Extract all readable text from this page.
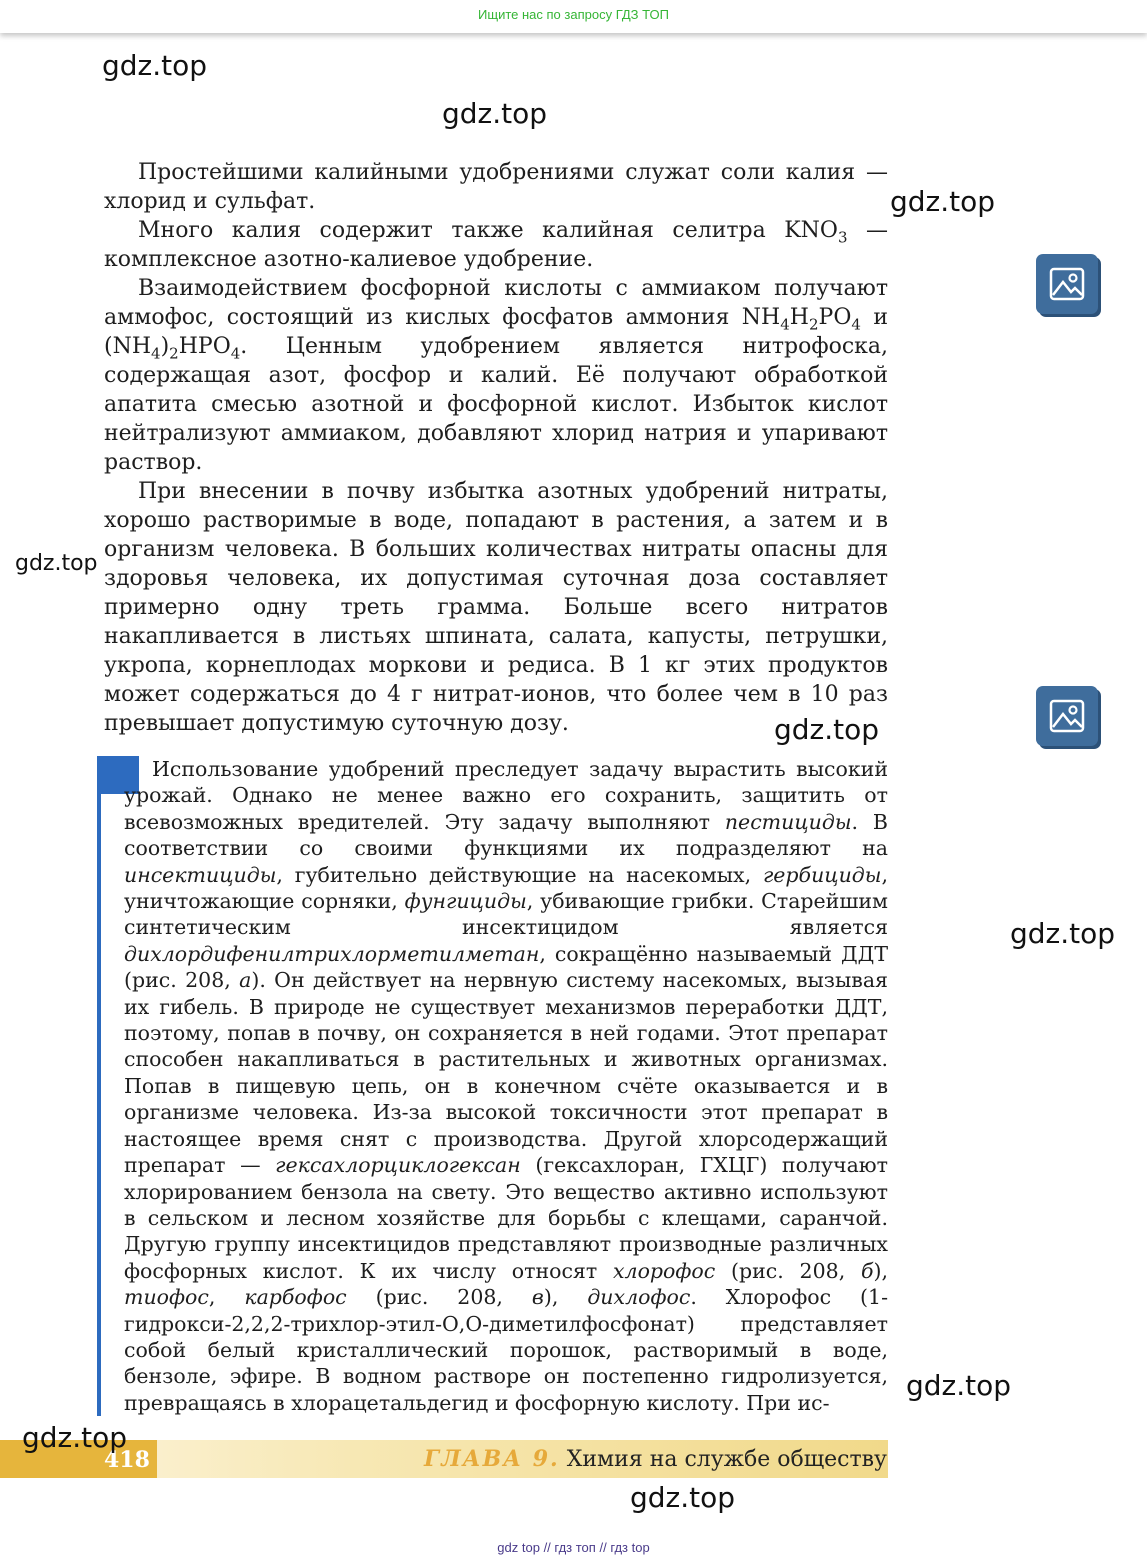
Ищите нас по запросу ГДЗ ТОП
gdz.top
gdz.top
gdz.top
gdz.top
gdz.top
gdz.top
gdz.top
gdz.top
gdz.top

Простейшими калийными удобрениями служат соли калия — хлорид и сульфат.

Много калия содержит также калийная селитра $KNO_3$ — комплексное азотно-калиевое удобрение.

Взаимодействием фосфорной кислоты с аммиаком получают аммофос, состоящий из кислых фосфатов аммония $NH_4H_2PO_4$ и $(NH_4)_2HPO_4$. Ценным удобрением является нитрофоска, содержащая азот, фосфор и калий. Её получают обработкой апатита смесью азотной и фосфорной кислот. Избыток кислот нейтрализуют аммиаком, добавляют хлорид натрия и упаривают раствор.

При внесении в почву избытка азотных удобрений нитраты, хорошо растворимые в воде, попадают в растения, а затем и в организм человека. В больших количествах нитраты опасны для здоровья человека, их допустимая суточная доза составляет примерно одну треть грамма. Больше всего нитратов накапливается в листьях шпината, салата, капусты, петрушки, укропа, корнеплодах моркови и редиса. В 1 кг этих продуктов может содержаться до 4 г нитрат-ионов, что более чем в 10 раз превышает допустимую суточную дозу.

Использование удобрений преследует задачу вырастить высокий урожай. Однако не менее важно его сохранить, защитить от всевозможных вредителей. Эту задачу выполняют пестициды. В соответствии со своими функциями их подразделяют на инсектициды, губительно действующие на насекомых, гербициды, уничтожающие сорняки, фунгициды, убивающие грибки. Старейшим синтетическим инсектицидом является дихлордифенилтрихлорметилметан, сокращённо называемый ДДТ (рис. 208, а). Он действует на нервную систему насекомых, вызывая их гибель. В природе не существует механизмов переработки ДДТ, поэтому, попав в почву, он сохраняется в ней годами. Этот препарат способен накапливаться в растительных и животных организмах. Попав в пищевую цепь, он в конечном счёте оказывается и в организме человека. Из-за высокой токсичности этот препарат в настоящее время снят с производства. Другой хлорсодержащий препарат — гексахлорциклогексан (гексахлоран, ГХЦГ) получают хлорированием бензола на свету. Это вещество активно используют в сельском и лесном хозяйстве для борьбы с клещами, саранчой. Другую группу инсектицидов представляют производные различных фосфорных кислот. К их числу относят хлорофос (рис. 208, б), тиофос, карбофос (рис. 208, в), дихлофос. Хлорофос (1-гидрокси-2,2,2-трихлор-этил-О,О-диметилфосфонат) представляет собой белый кристаллический порошок, растворимый в воде, бензоле, эфире. В водном растворе он постепенно гидролизуется, превращаясь в хлорацетальдегид и фосфорную кислоту. При ис-

418	ГЛАВА 9. Химия на службе обществу
gdz top // гдз топ // гдз top
